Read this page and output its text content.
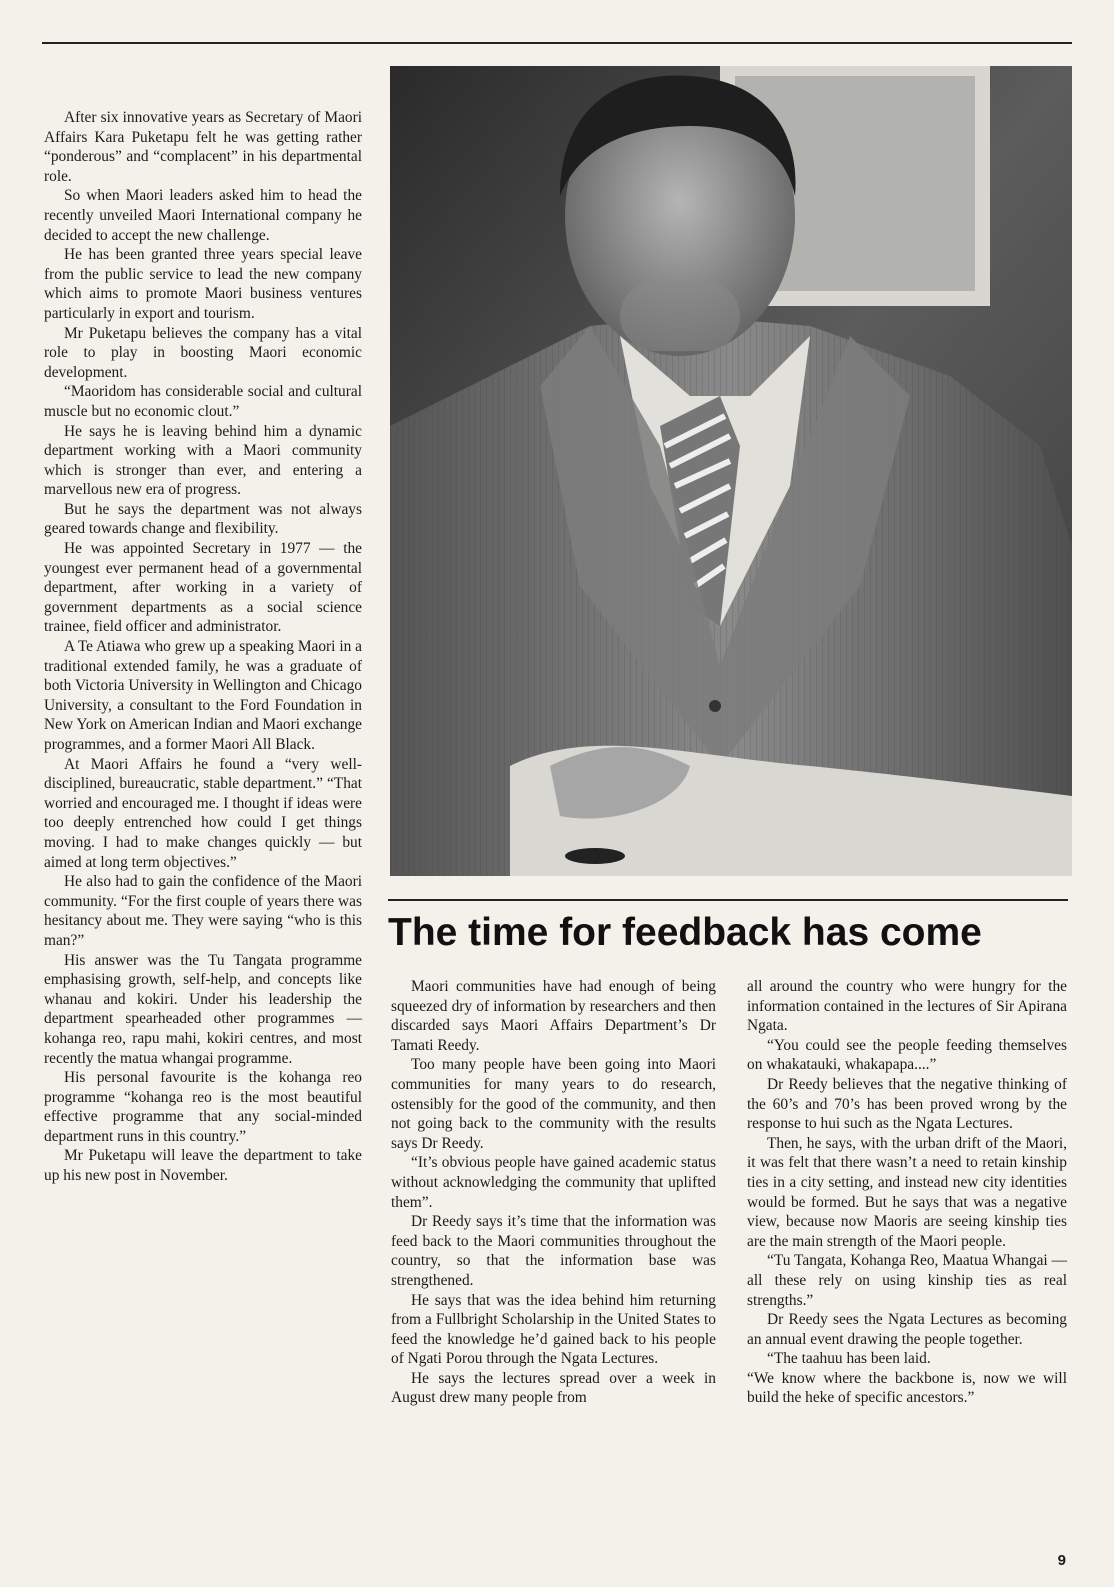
After six innovative years as Secretary of Maori Affairs Kara Puketapu felt he was getting rather “ponderous” and “complacent” in his departmental role.

So when Maori leaders asked him to head the recently unveiled Maori International company he decided to accept the new challenge.

He has been granted three years special leave from the public service to lead the new company which aims to promote Maori business ventures particularly in export and tourism.

Mr Puketapu believes the company has a vital role to play in boosting Maori economic development.

“Maoridom has considerable social and cultural muscle but no economic clout.”

He says he is leaving behind him a dynamic department working with a Maori community which is stronger than ever, and entering a marvellous new era of progress.

But he says the department was not always geared towards change and flexibility.

He was appointed Secretary in 1977 — the youngest ever permanent head of a governmental department, after working in a variety of government departments as a social science trainee, field officer and administrator.

A Te Atiawa who grew up a speaking Maori in a traditional extended family, he was a graduate of both Victoria University in Wellington and Chicago University, a consultant to the Ford Foundation in New York on American Indian and Maori exchange programmes, and a former Maori All Black.

At Maori Affairs he found a “very well-disciplined, bureaucratic, stable department.” “That worried and encouraged me. I thought if ideas were too deeply entrenched how could I get things moving. I had to make changes quickly — but aimed at long term objectives.”

He also had to gain the confidence of the Maori community. “For the first couple of years there was hesitancy about me. They were saying “who is this man?”

His answer was the Tu Tangata programme emphasising growth, self-help, and concepts like whanau and kokiri. Under his leadership the department spearheaded other programmes — kohanga reo, rapu mahi, kokiri centres, and most recently the matua whangai programme.

His personal favourite is the kohanga reo programme “kohanga reo is the most beautiful effective programme that any social-minded department runs in this country.”

Mr Puketapu will leave the department to take up his new post in November.

The time for feedback has come

Maori communities have had enough of being squeezed dry of information by researchers and then discarded says Maori Affairs Department’s Dr Tamati Reedy.

Too many people have been going into Maori communities for many years to do research, ostensibly for the good of the community, and then not going back to the community with the results says Dr Reedy.

“It’s obvious people have gained academic status without acknowledging the community that uplifted them”.

Dr Reedy says it’s time that the information was feed back to the Maori communities throughout the country, so that the information base was strengthened.

He says that was the idea behind him returning from a Fullbright Scholarship in the United States to feed the knowledge he’d gained back to his people of Ngati Porou through the Ngata Lectures.

He says the lectures spread over a week in August drew many people from

all around the country who were hungry for the information contained in the lectures of Sir Apirana Ngata.

“You could see the people feeding themselves on whakatauki, whakapapa....”

Dr Reedy believes that the negative thinking of the 60’s and 70’s has been proved wrong by the response to hui such as the Ngata Lectures.

Then, he says, with the urban drift of the Maori, it was felt that there wasn’t a need to retain kinship ties in a city setting, and instead new city identities would be formed. But he says that was a negative view, because now Maoris are seeing kinship ties are the main strength of the Maori people.

“Tu Tangata, Kohanga Reo, Maatua Whangai — all these rely on using kinship ties as real strengths.”

Dr Reedy sees the Ngata Lectures as becoming an annual event drawing the people together.

“The taahuu has been laid.

“We know where the backbone is, now we will build the heke of specific ancestors.”

9
